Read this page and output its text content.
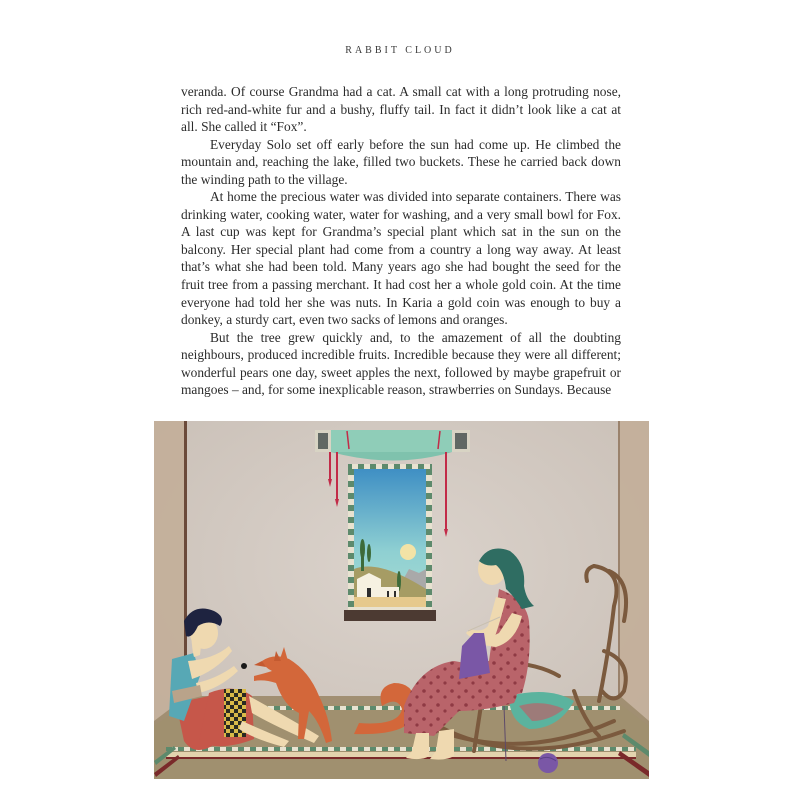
RABBIT CLOUD

veranda. Of course Grandma had a cat. A small cat with a long protruding nose, rich red-and-white fur and a bushy, fluffy tail. In fact it didn’t look like a cat at all. She called it “Fox”.

Everyday Solo set off early before the sun had come up. He climbed the mountain and, reaching the lake, filled two buckets. These he carried back down the winding path to the village.

At home the precious water was divided into separate containers. There was drinking water, cooking water, water for washing, and a very small bowl for Fox. A last cup was kept for Grandma’s special plant which sat in the sun on the balcony. Her special plant had come from a country a long way away. At least that’s what she had been told. Many years ago she had bought the seed for the fruit tree from a passing merchant. It had cost her a whole gold coin. At the time everyone had told her she was nuts. In Karia a gold coin was enough to buy a donkey, a sturdy cart, even two sacks of lemons and oranges.

But the tree grew quickly and, to the amazement of all the doubting neighbours, produced incredible fruits. Incredible because they were all different; wonderful pears one day, sweet apples the next, followed by maybe grapefruit or mangoes – and, for some inexplicable reason, strawberries on Sundays. Because
